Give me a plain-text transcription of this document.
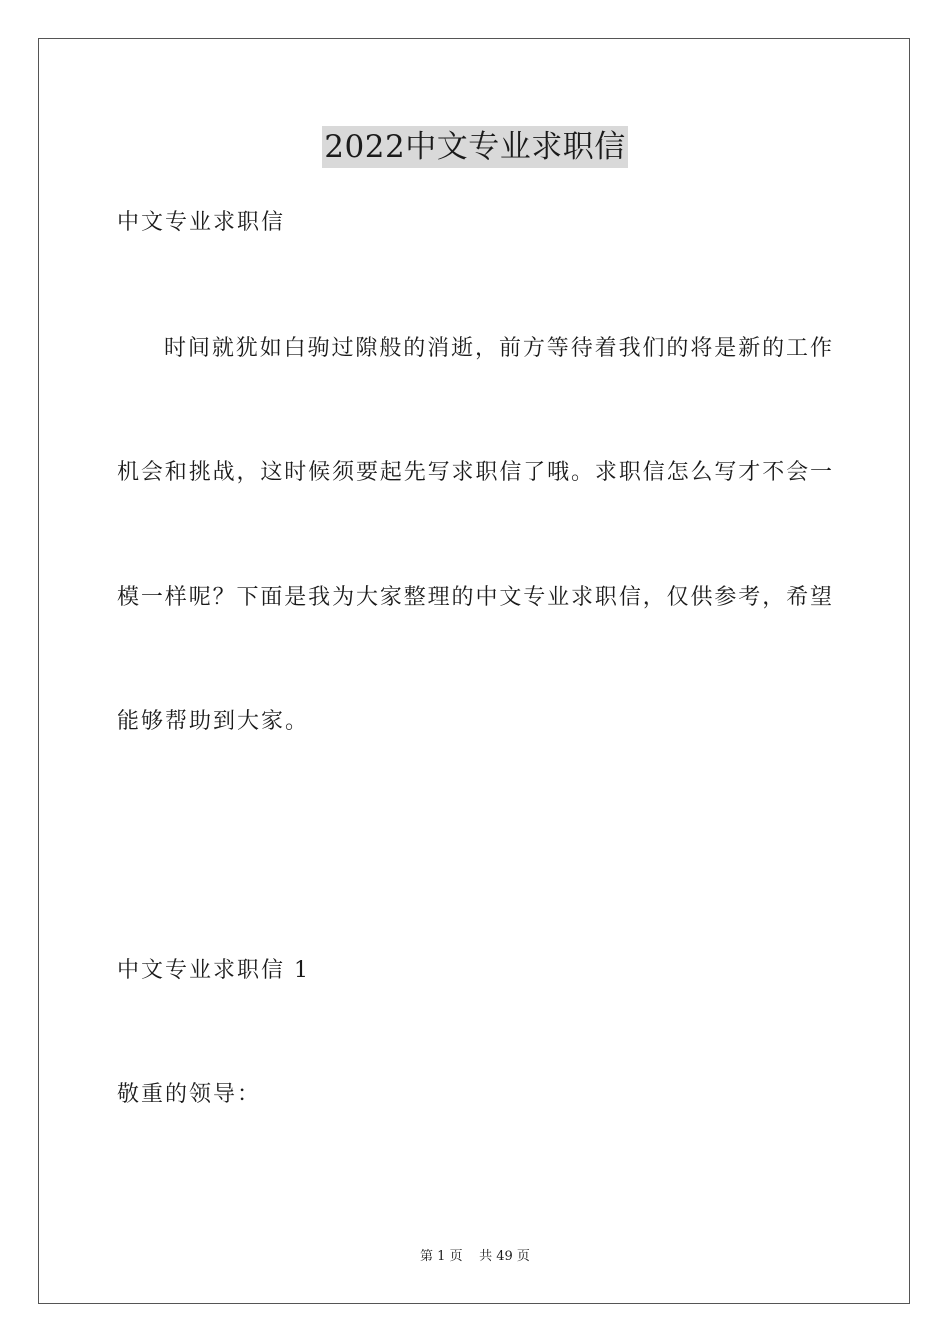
2022中文专业求职信
中文专业求职信
时间就犹如白驹过隙般的消逝，前方等待着我们的将是新的工作
机会和挑战，这时候须要起先写求职信了哦。求职信怎么写才不会一
模一样呢？下面是我为大家整理的中文专业求职信，仅供参考，希望
能够帮助到大家。
中文专业求职信 1
敬重的领导：
第 1 页 共 49 页
